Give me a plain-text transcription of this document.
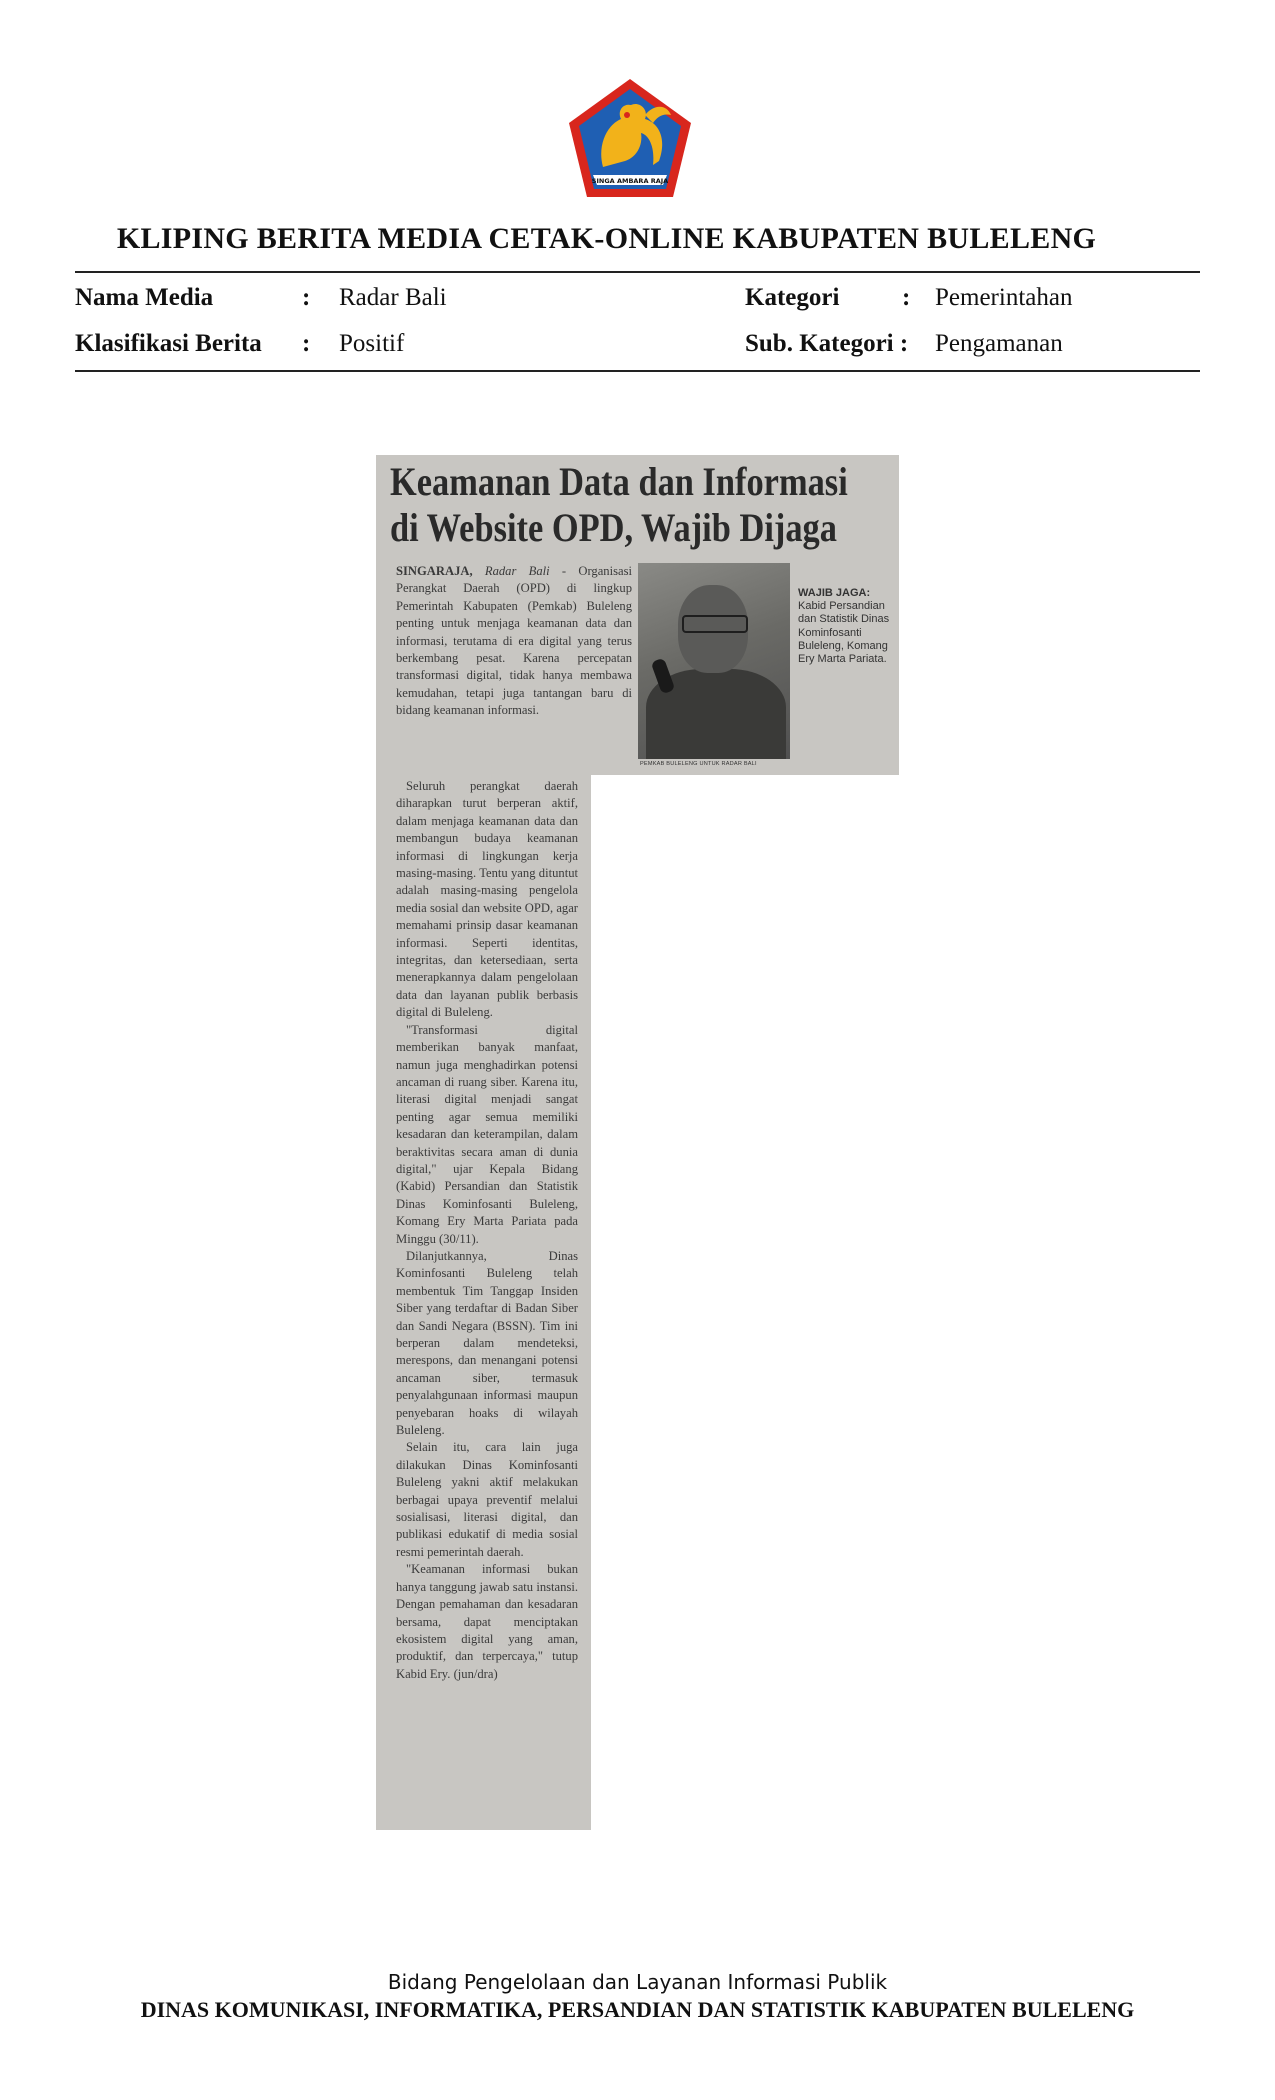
SINGA AMBARA RAJA
KLIPING BERITA MEDIA CETAK-ONLINE KABUPATEN BULELENG
Nama Media	: Radar Bali
Klasifikasi Berita : Positif
Kategori	: Pemerintahan
Sub. Kategori : Pengamanan
Keamanan Data dan Informasi
di Website OPD, Wajib Dijaga

SINGARAJA, Radar Bali - Organisasi Perangkat Daerah (OPD) di lingkup Pemerintah Kabupaten (Pemkab) Buleleng penting untuk menjaga keamanan data dan informasi, terutama di era digital yang terus berkembang pesat. Karena percepatan transformasi digital, tidak hanya membawa kemudahan, tetapi juga tantangan baru di bidang keamanan informasi.

PEMKAB BULELENG UNTUK RADAR BALI
WAJIB JAGA: Kabid Persandian dan Statistik Dinas Kominfosanti Buleleng, Komang Ery Marta Pariata.

Seluruh perangkat daerah diharapkan turut berperan aktif, dalam menjaga keamanan data dan membangun budaya keamanan informasi di lingkungan kerja masing-masing. Tentu yang dituntut adalah masing-masing pengelola media sosial dan website OPD, agar memahami prinsip dasar keamanan informasi. Seperti identitas, integritas, dan ketersediaan, serta menerapkannya dalam pengelolaan data dan layanan publik berbasis digital di Buleleng.

"Transformasi digital memberikan banyak manfaat, namun juga menghadirkan potensi ancaman di ruang siber. Karena itu, literasi digital menjadi sangat penting agar semua memiliki kesadaran dan keterampilan, dalam beraktivitas secara aman di dunia digital," ujar Kepala Bidang (Kabid) Persandian dan Statistik Dinas Kominfosanti Buleleng, Komang Ery Marta Pariata pada Minggu (30/11).

Dilanjutkannya, Dinas Kominfosanti Buleleng telah membentuk Tim Tanggap Insiden Siber yang terdaftar di Badan Siber dan Sandi Negara (BSSN). Tim ini berperan dalam mendeteksi, merespons, dan menangani potensi ancaman siber, termasuk penyalahgunaan informasi maupun penyebaran hoaks di wilayah Buleleng.

Selain itu, cara lain juga dilakukan Dinas Kominfosanti Buleleng yakni aktif melakukan berbagai upaya preventif melalui sosialisasi, literasi digital, dan publikasi edukatif di media sosial resmi pemerintah daerah.

"Keamanan informasi bukan hanya tanggung jawab satu instansi. Dengan pemahaman dan kesadaran bersama, dapat menciptakan ekosistem digital yang aman, produktif, dan terpercaya," tutup Kabid Ery. (jun/dra)

Bidang Pengelolaan dan Layanan Informasi Publik
DINAS KOMUNIKASI, INFORMATIKA, PERSANDIAN DAN STATISTIK KABUPATEN BULELENG
